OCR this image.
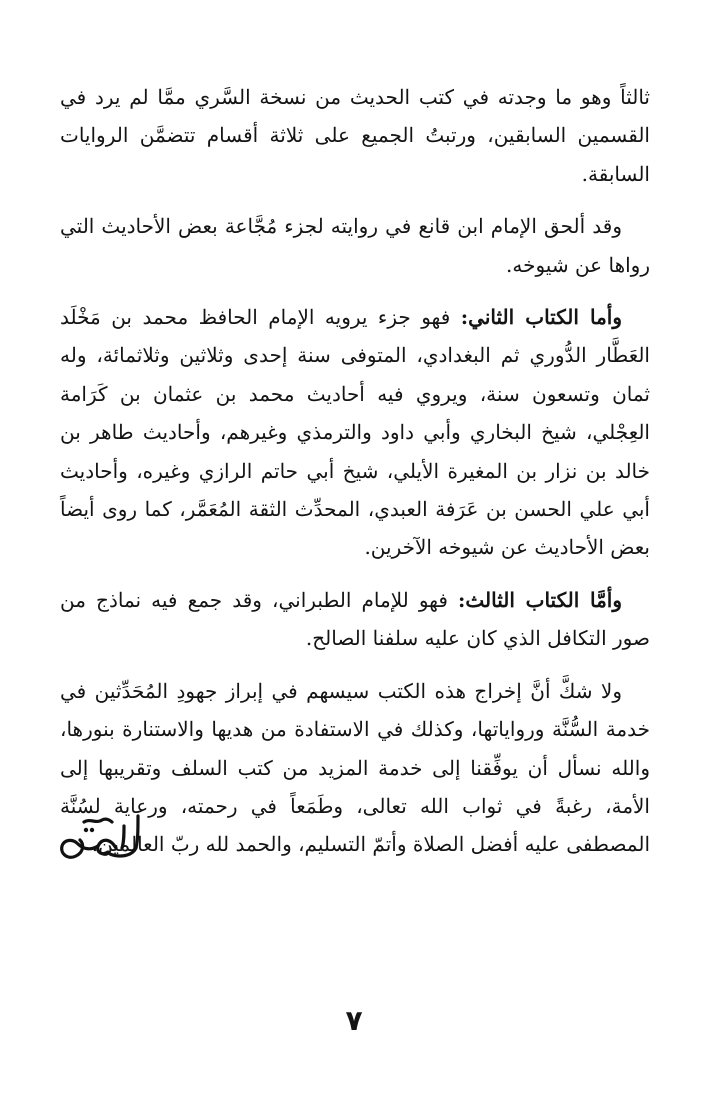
ثالثاً وهو ما وجدته في كتب الحديث من نسخة السَّري ممَّا لم يرد في القسمين السابقين، ورتبتُ الجميع على ثلاثة أقسام تتضمَّن الروايات السابقة.

وقد ألحق الإمام ابن قانع في روايته لجزء مُجَّاعة بعض الأحاديث التي رواها عن شيوخه.

وأما الكتاب الثاني: فهو جزء يرويه الإمام الحافظ محمد بن مَخْلَد العَطَّار الدُّوري ثم البغدادي، المتوفى سنة إحدى وثلاثين وثلاثمائة، وله ثمان وتسعون سنة، ويروي فيه أحاديث محمد بن عثمان بن كَرَامة العِجْلي، شيخ البخاري وأبي داود والترمذي وغيرهم، وأحاديث طاهر بن خالد بن نزار بن المغيرة الأيلي، شيخ أبي حاتم الرازي وغيره، وأحاديث أبي علي الحسن بن عَرَفة العبدي، المحدِّث الثقة المُعَمَّر، كما روى أيضاً بعض الأحاديث عن شيوخه الآخرين.

وأمَّا الكتاب الثالث: فهو للإمام الطبراني، وقد جمع فيه نماذج من صور التكافل الذي كان عليه سلفنا الصالح.

ولا شكَّ أنَّ إخراج هذه الكتب سيسهم في إبراز جهودِ المُحَدِّثين في خدمة السُّنَّة ورواياتها، وكذلك في الاستفادة من هديها والاستنارة بنورها، والله نسأل أن يوفِّقنا إلى خدمة المزيد من كتب السلف وتقريبها إلى الأمة، رغبةً في ثواب الله تعالى، وطَمَعاً في رحمته، ورعاية لسُنَّة المصطفى عليه أفضل الصلاة وأتمّ التسليم، والحمد لله ربّ العالمين.

٧
